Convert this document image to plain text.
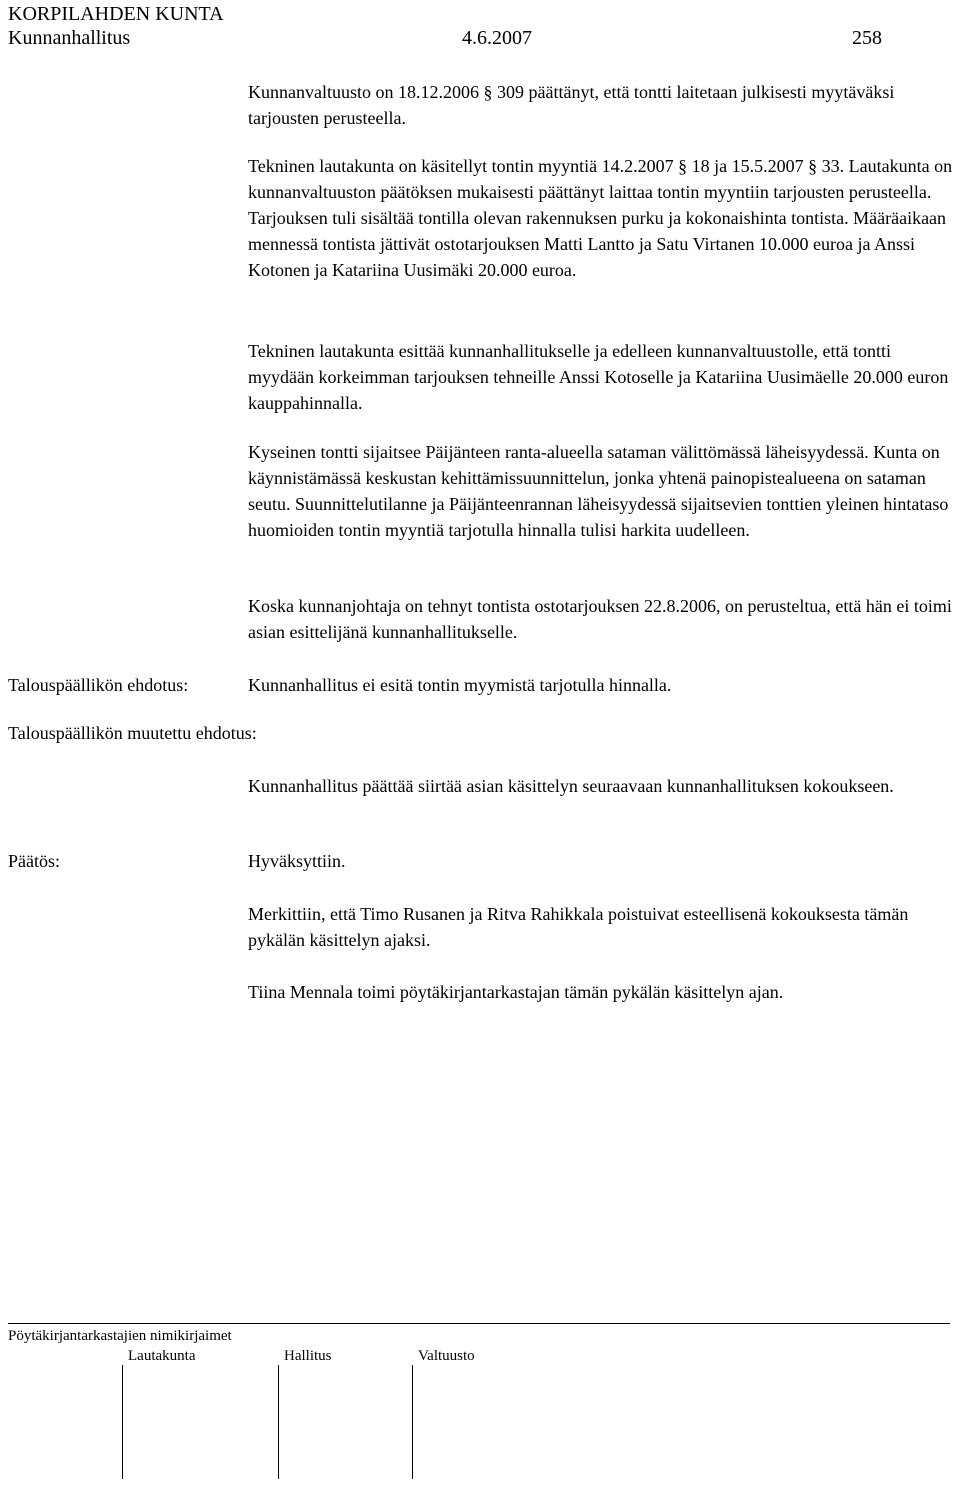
KORPILAHDEN KUNTA
Kunnanhallitus	4.6.2007	258
Kunnanvaltuusto on 18.12.2006 § 309 päättänyt, että tontti laitetaan julkisesti myytäväksi tarjousten perusteella.
Tekninen lautakunta on käsitellyt tontin myyntiä 14.2.2007 § 18 ja 15.5.2007 § 33. Lautakunta on kunnanvaltuuston päätöksen mukaisesti päättänyt laittaa tontin myyntiin tarjousten perusteella. Tarjouksen tuli sisältää tontilla olevan rakennuksen purku ja kokonaishinta tontista. Määräaikaan mennessä tontista jättivät ostotarjouksen Matti Lantto ja Satu Virtanen 10.000 euroa ja Anssi Kotonen ja Katariina Uusimäki 20.000 euroa.
Tekninen lautakunta esittää kunnanhallitukselle ja edelleen kunnanvaltuustolle, että tontti myydään korkeimman tarjouksen tehneille Anssi Kotoselle ja Katariina Uusimäelle 20.000 euron kauppahinnalla.
Kyseinen tontti sijaitsee Päijänteen ranta-alueella sataman välittömässä läheisyydessä. Kunta on käynnistämässä keskustan kehittämissuunnittelun, jonka yhtenä painopistealueena on sataman seutu. Suunnittelutilanne ja Päijänteenrannan läheisyydessä sijaitsevien tonttien yleinen hintataso huomioiden tontin myyntiä tarjotulla hinnalla tulisi harkita uudelleen.
Koska kunnanjohtaja on tehnyt tontista ostotarjouksen 22.8.2006, on perusteltua, että hän ei toimi asian esittelijänä kunnanhallitukselle.
Talouspäällikön ehdotus:	Kunnanhallitus ei esitä tontin myymistä tarjotulla hinnalla.
Talouspäällikön muutettu ehdotus:
Kunnanhallitus päättää siirtää asian käsittelyn seuraavaan kunnanhallituksen kokoukseen.
Päätös:	Hyväksyttiin.
Merkittiin, että Timo Rusanen ja Ritva Rahikkala poistuivat esteellisenä kokouksesta tämän pykälän käsittelyn ajaksi.
Tiina Mennala toimi pöytäkirjantarkastajan tämän pykälän käsittelyn ajan.
Pöytäkirjantarkastajien nimikirjaimet
Lautakunta	Hallitus	Valtuusto
